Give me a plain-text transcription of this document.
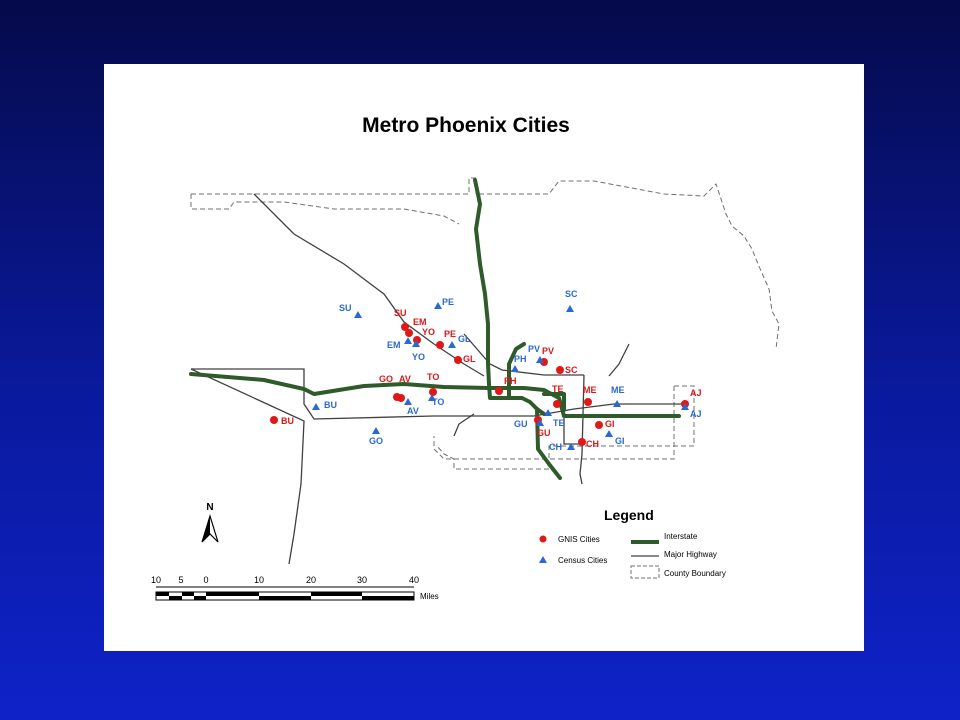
Metro Phoenix Cities
SU
EM
YO PE
GL
GO AV TO	PH
PV
SC
TE ME	AJ
GU
GI
CH
BU
SU
PE
SC
GL
EM
YO
PV
PH
BU
GO
AV
TO
TE
GU
CH
ME
AJ
GI
N
10 5 0	10	20	30	40
Miles
Legend
GNIS Cities
Census Cities
Interstate
Major Highway
County Boundary
